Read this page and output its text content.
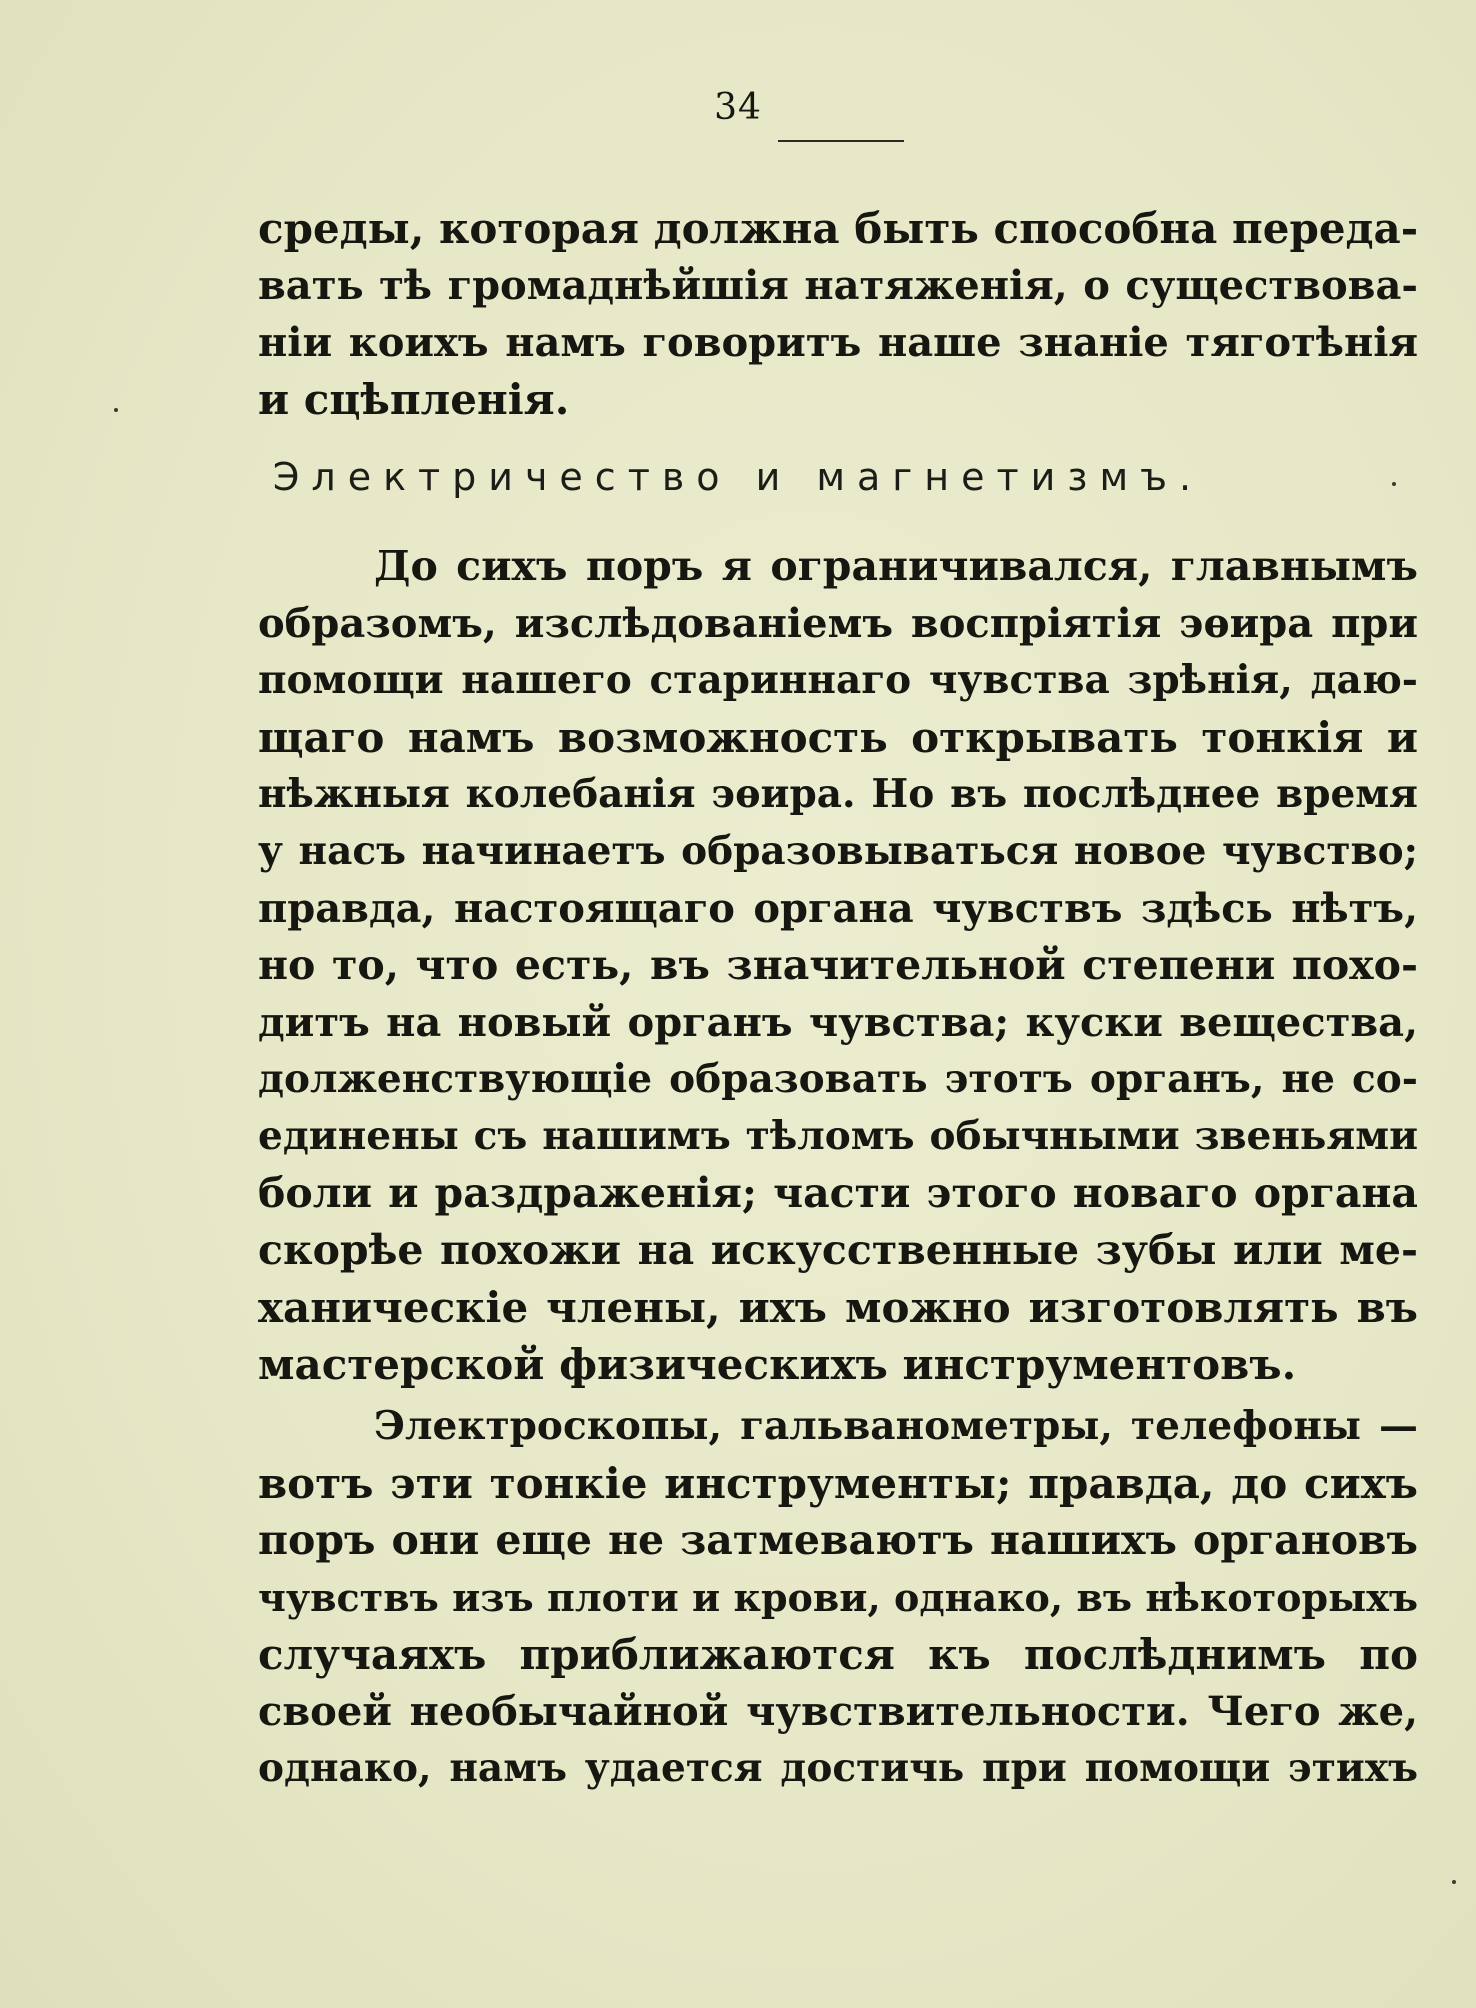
34
среды, которая должна быть способна переда-
вать тѣ громаднѣйшія натяженія, о существова-
ніи коихъ намъ говоритъ наше знаніе тяготѣнія
и сцѣпленія.
Электричество и магнетизмъ.
До сихъ поръ я ограничивался, главнымъ
образомъ, изслѣдованіемъ воспріятія эѳира при
помощи нашего стариннаго чувства зрѣнія, даю-
щаго намъ возможность открывать тонкія и
нѣжныя колебанія эѳира. Но въ послѣднее время
у насъ начинаетъ образовываться новое чувство;
правда, настоящаго органа чувствъ здѣсь нѣтъ,
но то, что есть, въ значительной степени похо-
дитъ на новый органъ чувства; куски вещества,
долженствующіе образовать этотъ органъ, не со-
единены съ нашимъ тѣломъ обычными звеньями
боли и раздраженія; части этого новаго органа
скорѣе похожи на искусственные зубы или ме-
ханическіе члены, ихъ можно изготовлять въ
мастерской физическихъ инструментовъ.
Электроскопы, гальванометры, телефоны —
вотъ эти тонкіе инструменты; правда, до сихъ
поръ они еще не затмеваютъ нашихъ органовъ
чувствъ изъ плоти и крови, однако, въ нѣкоторыхъ
случаяхъ приближаются къ послѣднимъ по
своей необычайной чувствительности. Чего же,
однако, намъ удается достичь при помощи этихъ
